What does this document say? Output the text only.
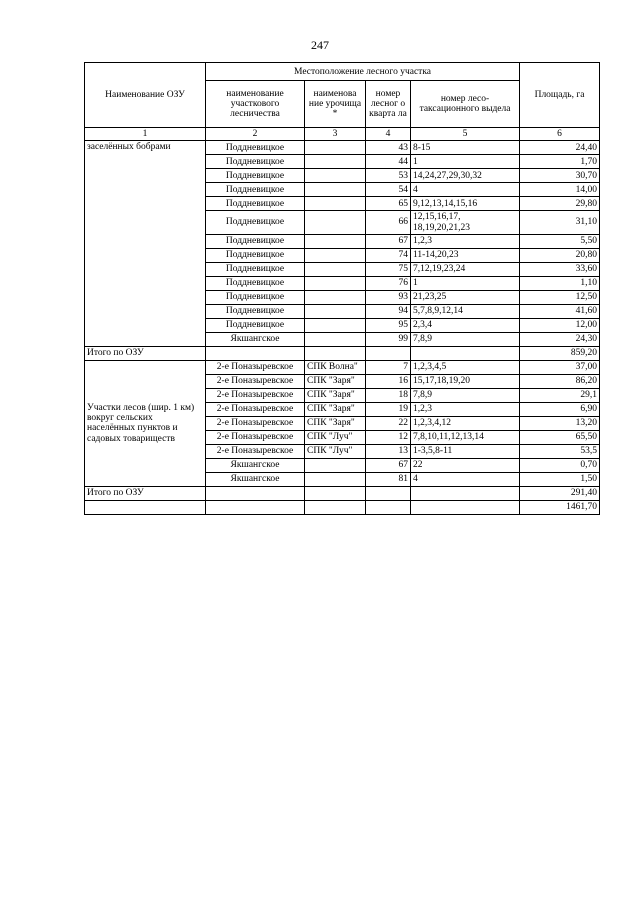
247
Наименование ОЗУ	Местоположение лесного участка				Площадь, га
	наименование участкового лесничества	наименова ние урочища *	номер лесног о кварта ла	номер лесо-таксационного выдела	
1	2	3	4	5	6
заселённых бобрами	Поддневицкое		43	8-15	24,40
	Поддневицкое		44	1	1,70
	Поддневицкое		53	14,24,27,29,30,32	30,70
	Поддневицкое		54	4	14,00
	Поддневицкое		65	9,12,13,14,15,16	29,80
	Поддневицкое		66	12,15,16,17, 18,19,20,21,23	31,10
	Поддневицкое		67	1,2,3	5,50
	Поддневицкое		74	11-14,20,23	20,80
	Поддневицкое		75	7,12,19,23,24	33,60
	Поддневицкое		76	1	1,10
	Поддневицкое		93	21,23,25	12,50
	Поддневицкое		94	5,7,8,9,12,14	41,60
	Поддневицкое		95	2,3,4	12,00
	Якшангское		99	7,8,9	24,30
Итого по ОЗУ					859,20
Участки лесов (шир. 1 км) вокруг сельских населённых пунктов и садовых товариществ	2-е Поназыревское	СПК Волна"	7	1,2,3,4,5	37,00
	2-е Поназыревское	СПК "Заря"	16	15,17,18,19,20	86,20
	2-е Поназыревское	СПК "Заря"	18	7,8,9	29,1
	2-е Поназыревское	СПК "Заря"	19	1,2,3	6,90
	2-е Поназыревское	СПК "Заря"	22	1,2,3,4,12	13,20
	2-е Поназыревское	СПК "Луч"	12	7,8,10,11,12,13,14	65,50
	2-е Поназыревское	СПК "Луч"	13	1-3,5,8-11	53,5
	Якшангское		67	22	0,70
	Якшангское		81	4	1,50
Итого по ОЗУ					291,40
					1461,70
